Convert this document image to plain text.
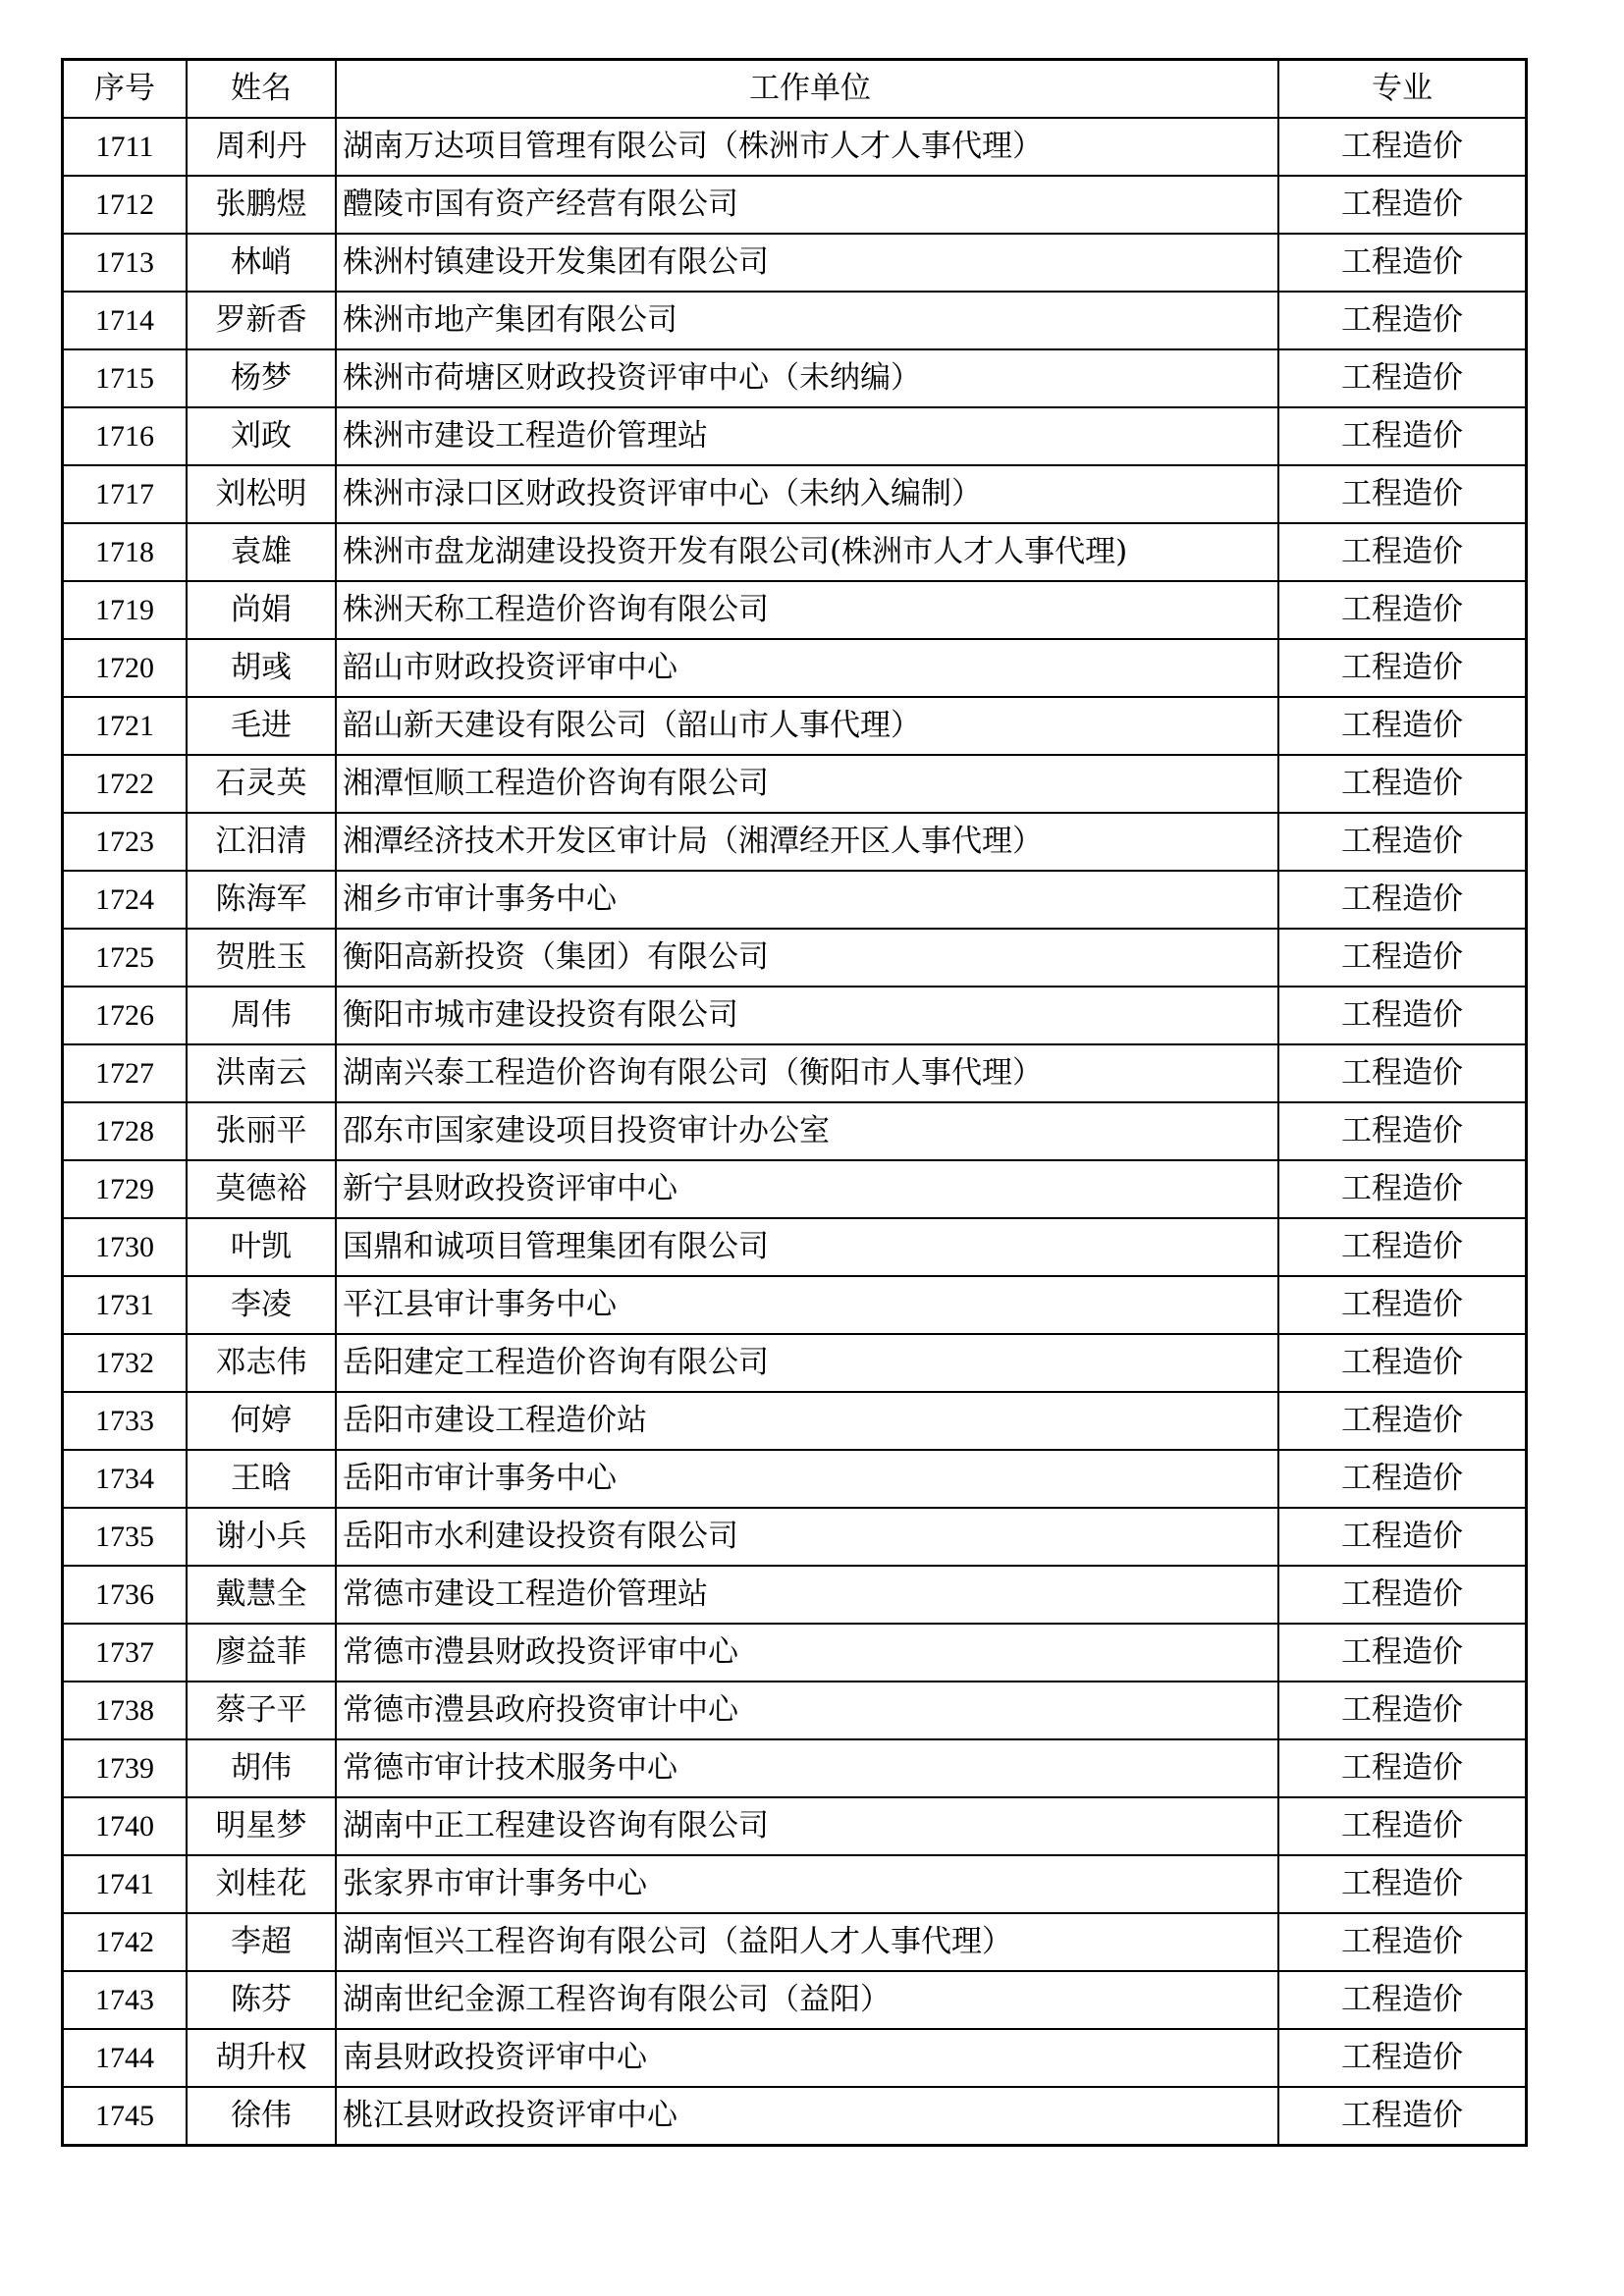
序号	姓名	工作单位	专业
1711	周利丹	湖南万达项目管理有限公司（株洲市人才人事代理）	工程造价
1712	张鹏煜	醴陵市国有资产经营有限公司	工程造价
1713	林峭	株洲村镇建设开发集团有限公司	工程造价
1714	罗新香	株洲市地产集团有限公司	工程造价
1715	杨梦	株洲市荷塘区财政投资评审中心（未纳编）	工程造价
1716	刘政	株洲市建设工程造价管理站	工程造价
1717	刘松明	株洲市渌口区财政投资评审中心（未纳入编制）	工程造价
1718	袁雄	株洲市盘龙湖建设投资开发有限公司(株洲市人才人事代理)	工程造价
1719	尚娟	株洲天称工程造价咨询有限公司	工程造价
1720	胡彧	韶山市财政投资评审中心	工程造价
1721	毛进	韶山新天建设有限公司（韶山市人事代理）	工程造价
1722	石灵英	湘潭恒顺工程造价咨询有限公司	工程造价
1723	江汨清	湘潭经济技术开发区审计局（湘潭经开区人事代理）	工程造价
1724	陈海军	湘乡市审计事务中心	工程造价
1725	贺胜玉	衡阳高新投资（集团）有限公司	工程造价
1726	周伟	衡阳市城市建设投资有限公司	工程造价
1727	洪南云	湖南兴泰工程造价咨询有限公司（衡阳市人事代理）	工程造价
1728	张丽平	邵东市国家建设项目投资审计办公室	工程造价
1729	莫德裕	新宁县财政投资评审中心	工程造价
1730	叶凯	国鼎和诚项目管理集团有限公司	工程造价
1731	李凌	平江县审计事务中心	工程造价
1732	邓志伟	岳阳建定工程造价咨询有限公司	工程造价
1733	何婷	岳阳市建设工程造价站	工程造价
1734	王晗	岳阳市审计事务中心	工程造价
1735	谢小兵	岳阳市水利建设投资有限公司	工程造价
1736	戴慧全	常德市建设工程造价管理站	工程造价
1737	廖益菲	常德市澧县财政投资评审中心	工程造价
1738	蔡子平	常德市澧县政府投资审计中心	工程造价
1739	胡伟	常德市审计技术服务中心	工程造价
1740	明星梦	湖南中正工程建设咨询有限公司	工程造价
1741	刘桂花	张家界市审计事务中心	工程造价
1742	李超	湖南恒兴工程咨询有限公司（益阳人才人事代理）	工程造价
1743	陈芬	湖南世纪金源工程咨询有限公司（益阳）	工程造价
1744	胡升权	南县财政投资评审中心	工程造价
1745	徐伟	桃江县财政投资评审中心	工程造价
